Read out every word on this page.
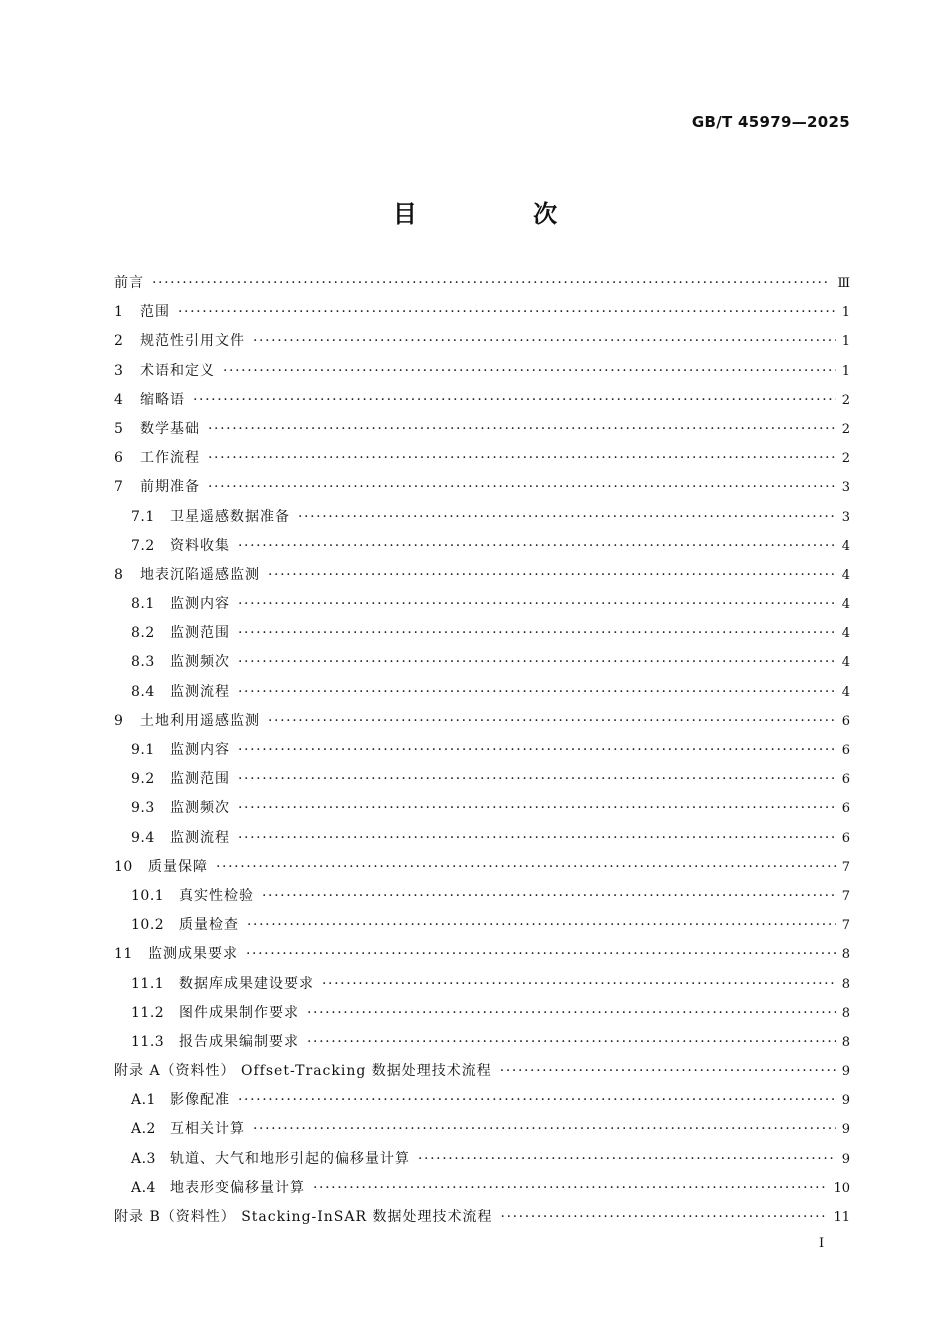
GB/T 45979—2025
目 次
前言 ·····	Ⅲ
1	范围 ·····	1
2	规范性引用文件 ·····	1
3	术语和定义 ·····	1
4	缩略语 ·····	2
5	数学基础 ·····	2
6	工作流程 ·····	2
7	前期准备 ·····	3
7.1	卫星遥感数据准备 ·····	3
7.2	资料收集 ·····	4
8	地表沉陷遥感监测 ·····	4
8.1	监测内容 ·····	4
8.2	监测范围 ·····	4
8.3	监测频次 ·····	4
8.4	监测流程 ·····	4
9	土地利用遥感监测 ·····	6
9.1	监测内容 ·····	6
9.2	监测范围 ·····	6
9.3	监测频次 ·····	6
9.4	监测流程 ·····	6
10	质量保障 ·····	7
10.1	真实性检验 ·····	7
10.2	质量检查 ·····	7
11	监测成果要求 ·····	8
11.1	数据库成果建设要求 ·····	8
11.2	图件成果制作要求 ·····	8
11.3	报告成果编制要求 ·····	8
附录 A（资料性） Offset-Tracking 数据处理技术流程 ·····	9
A.1	影像配准 ·····	9
A.2	互相关计算 ·····	9
A.3	轨道、大气和地形引起的偏移量计算 ·····	9
A.4	地表形变偏移量计算 ·····	10
附录 B（资料性） Stacking-InSAR 数据处理技术流程 ·····	11
Ⅰ
